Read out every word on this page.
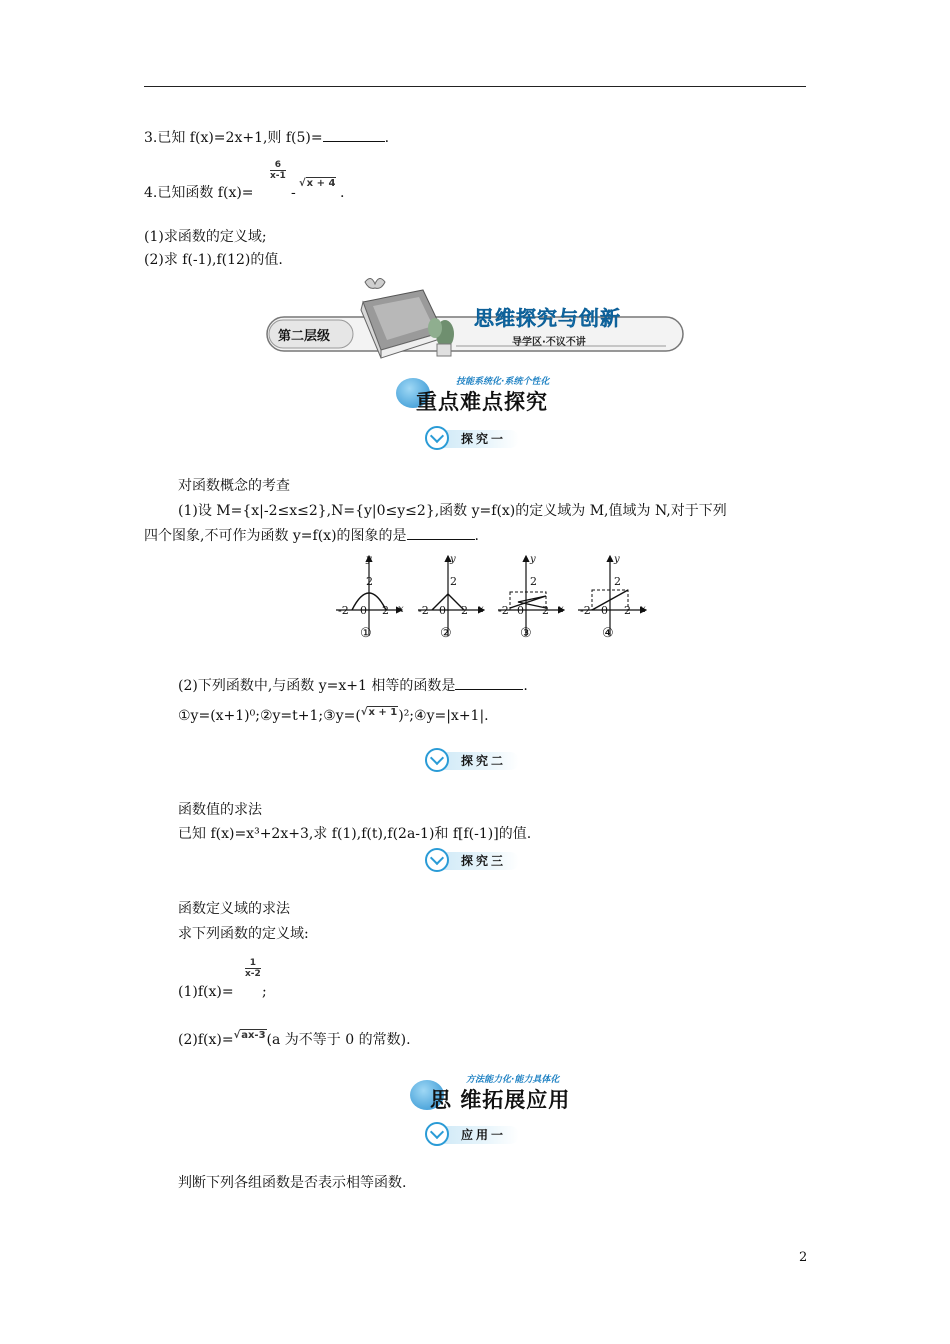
3.已知 f(x)=2x+1,则 f(5)=	.
4.已知函数 f(x)=
$\frac{6}{x-1}$
-
√x + 4
.
(1)求函数的定义域;
(2)求 f(-1),f(12)的值.
第二层级
思维探究与创新
导学区·不议不讲
技能系统化·系统个性化
重点难点探究
探究一
对函数概念的考查
(1)设 M={x|-2≤x≤2},N={y|0≤y≤2},函数 y=f(x)的定义域为 M,值域为 N,对于下列
四个图象,不可作为函数 y=f(x)的图象的是	.
y
2
-2 0 2 x
①
y
2
-2 0 2 x
②
y
2
-2 0 2 x
③
y
2
-2 0 2 x
④
(2)下列函数中,与函数 y=x+1 相等的函数是	.
①y=(x+1)⁰;②y=t+1;③y=($^{√x + 1}$)²;④y=|x+1|.
探究二
函数值的求法
已知 f(x)=x³+2x+3,求 f(1),f(t),f(2a-1)和 f[f(-1)]的值.
探究三
函数定义域的求法
求下列函数的定义域:
(1)f(x)=
$\frac{1}{x-2}$
;
(2)f(x)=$^{√ax-3}$(a 为不等于 0 的常数).
方法能力化·能力具体化
思 维拓展应用
应用一
判断下列各组函数是否表示相等函数.
2
